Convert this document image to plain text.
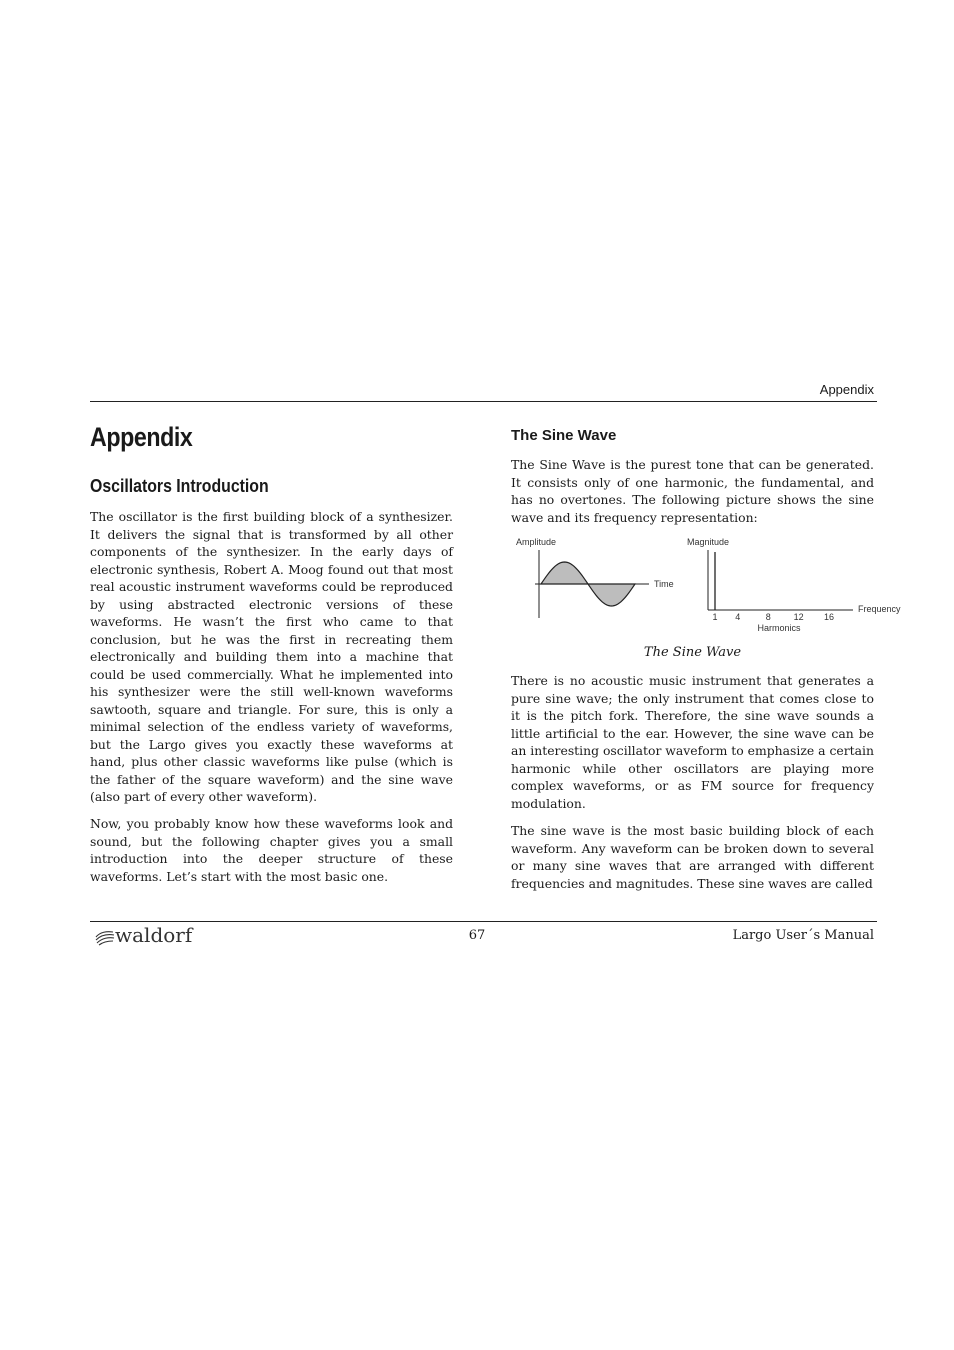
Appendix
Appendix
Oscillators Introduction

The oscillator is the first building block of a synthesizer. It delivers the signal that is transformed by all other components of the synthesizer. In the early days of electronic synthesis, Robert A. Moog found out that most real acoustic instrument waveforms could be reproduced by using abstracted electronic versions of these waveforms. He wasn’t the first who came to that conclusion, but he was the first in recreating them electronically and building them into a machine that could be used commercially. What he implemented into his synthesizer were the still well-known waveforms sawtooth, square and triangle. For sure, this is only a minimal selection of the endless variety of waveforms, but the Largo gives you exactly these waveforms at hand, plus other classic waveforms like pulse (which is the father of the square waveform) and the sine wave (also part of every other waveform).

Now, you probably know how these waveforms look and sound, but the following chapter gives you a small introduction into the deeper structure of these waveforms. Let’s start with the most basic one.

The Sine Wave

The Sine Wave is the purest tone that can be generated. It consists only of one harmonic, the fundamental, and has no overtones. The following picture shows the sine wave and its frequency representation:

Amplitude
Time
Magnitude
Frequency
1 4	8	12 16
Harmonics
The Sine Wave

There is no acoustic music instrument that generates a pure sine wave; the only instrument that comes close to it is the pitch fork. Therefore, the sine wave sounds a little artificial to the ear. However, the sine wave can be an interesting oscillator waveform to emphasize a certain harmonic while other oscillators are playing more complex waveforms, or as FM source for frequency modulation.

The sine wave is the most basic building block of each waveform. Any waveform can be broken down to several or many sine waves that are arranged with different frequencies and magnitudes. These sine waves are called

waldorf	67	Largo User´s Manual
